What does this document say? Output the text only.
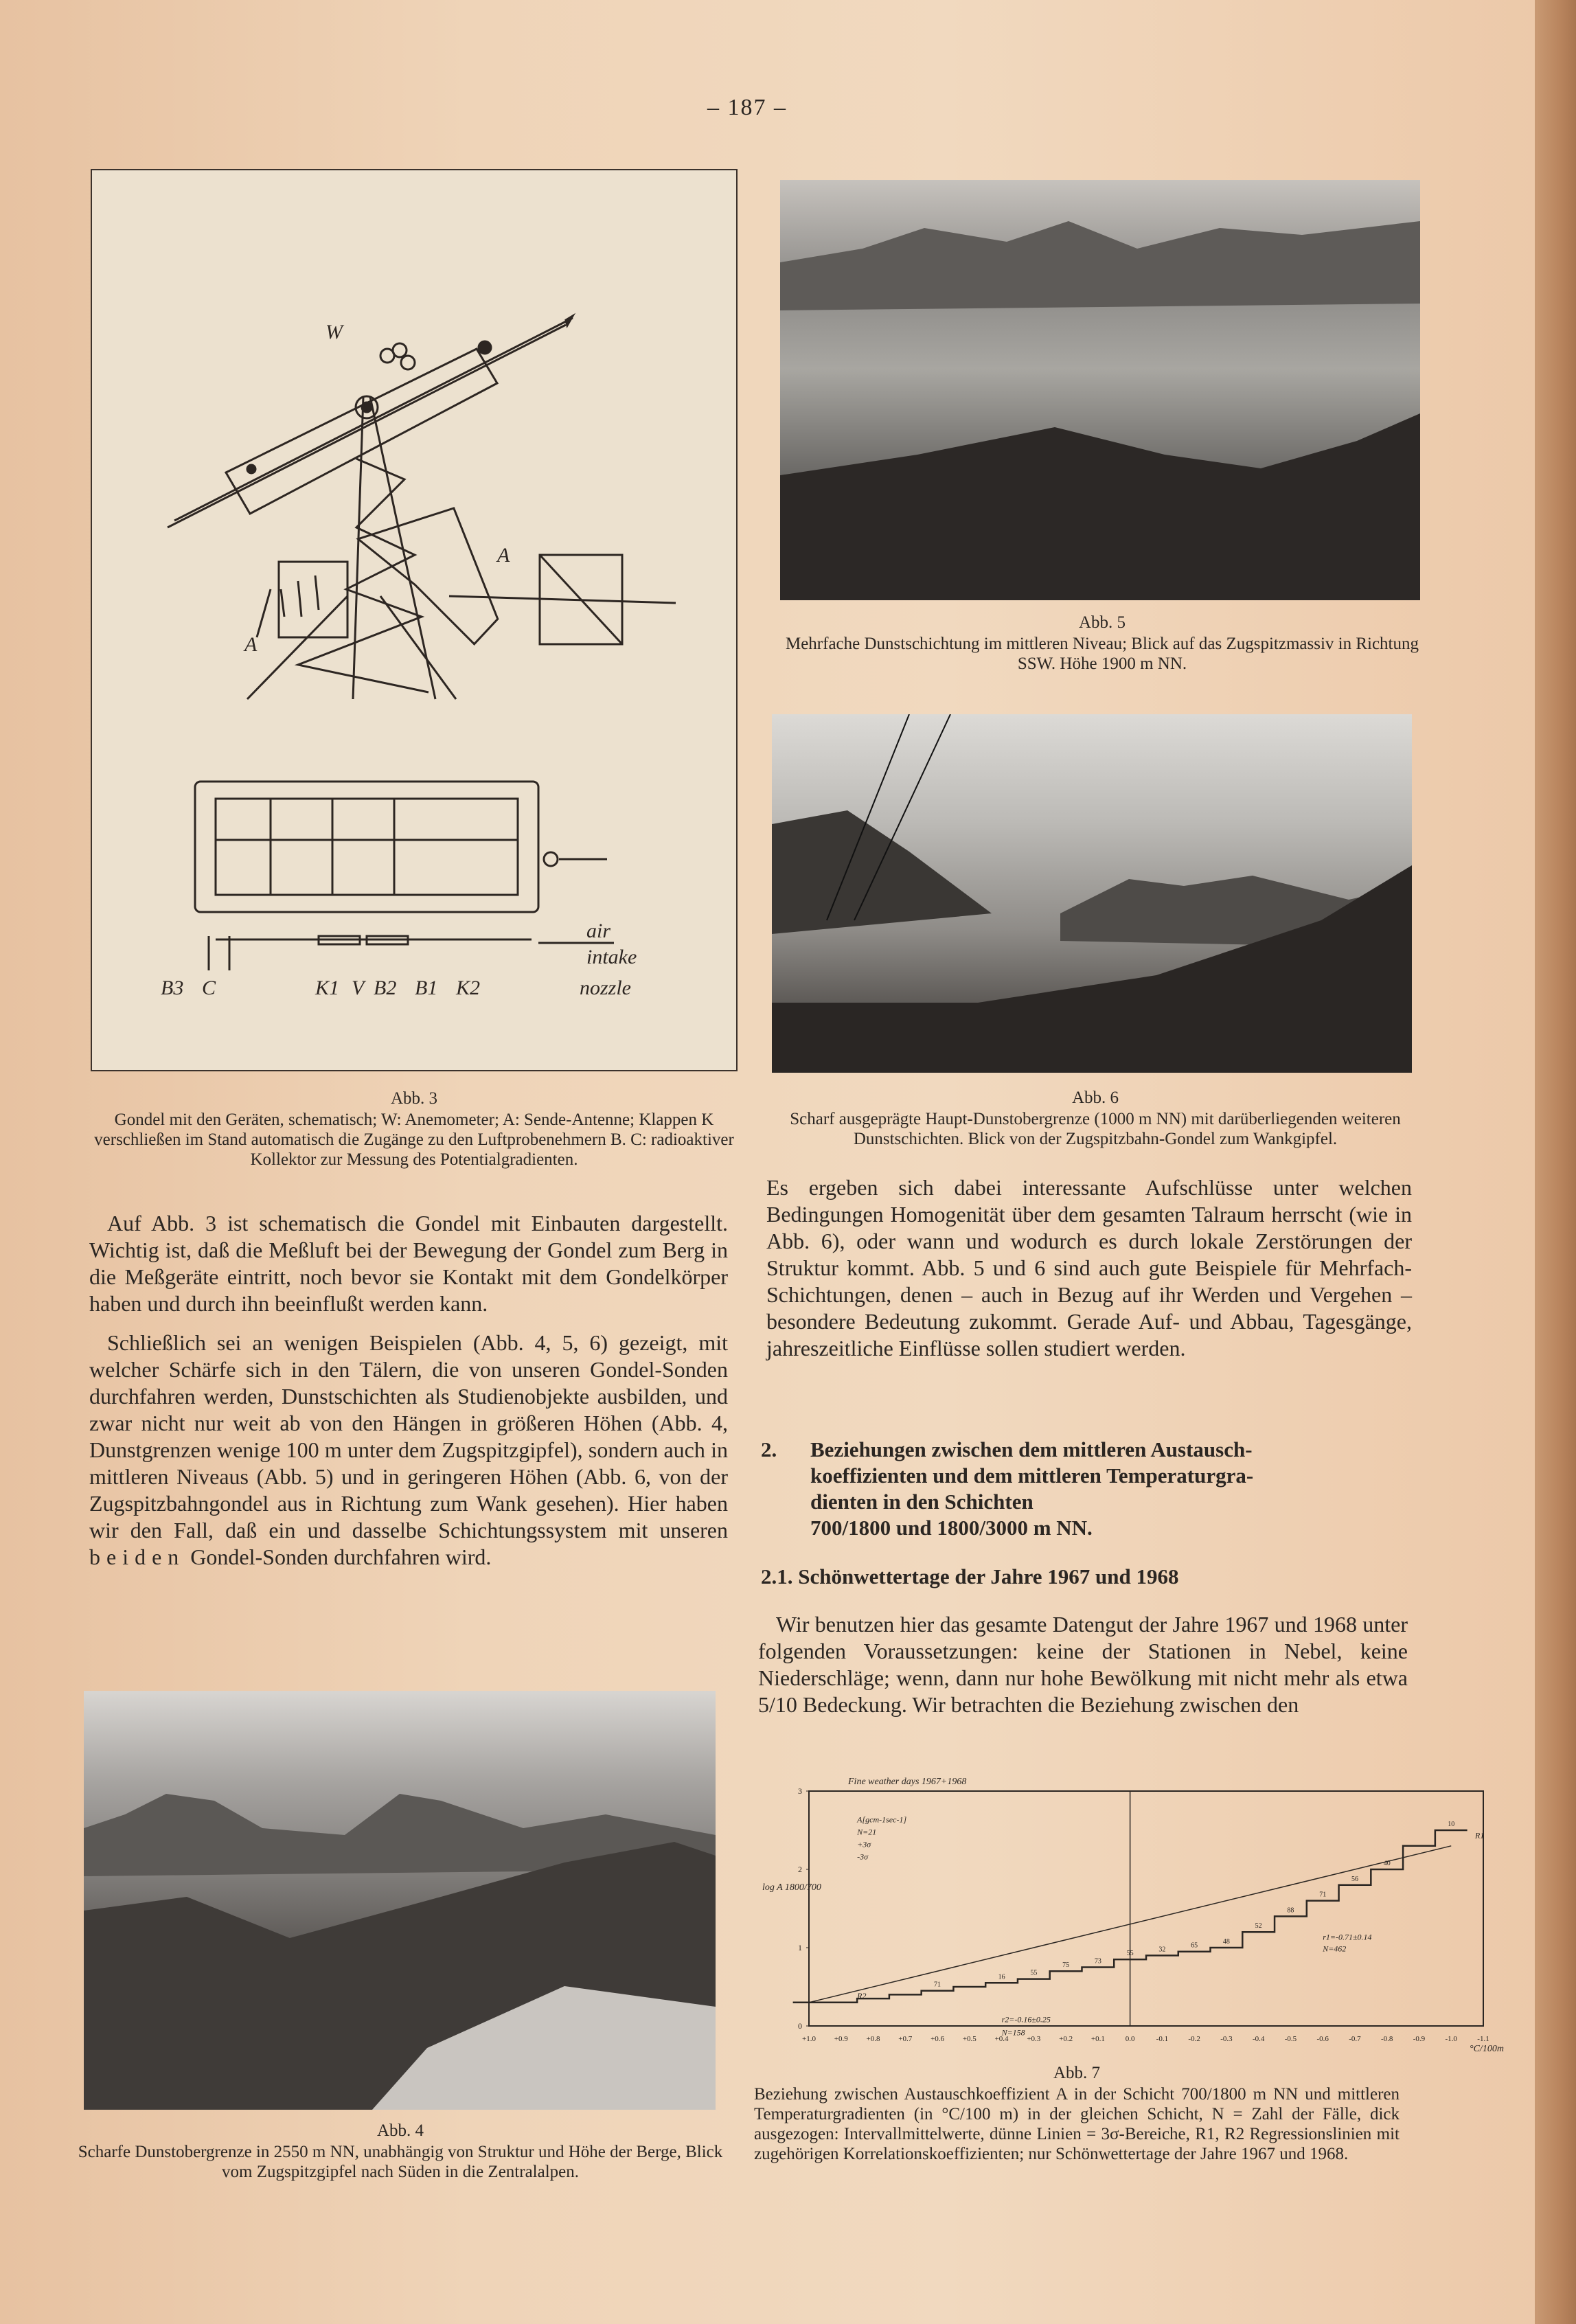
– 187 –
W
A
A
air
intake
nozzle
B3 C	K1 V B2 B1 K2
Abb. 3
Gondel mit den Geräten, schematisch; W: Anemometer; A: Sende-Antenne; Klappen K verschließen im Stand automatisch die Zugänge zu den Luftprobenehmern B. C: radioaktiver Kollektor zur Messung des Potentialgradienten.
Abb. 5
Mehrfache Dunstschichtung im mittleren Niveau; Blick auf das Zugspitzmassiv in Richtung SSW. Höhe 1900 m NN.
Abb. 6
Scharf ausgeprägte Haupt-Dunstobergrenze (1000 m NN) mit darüberliegenden weiteren Dunstschichten. Blick von der Zugspitzbahn-Gondel zum Wankgipfel.

Auf Abb. 3 ist schematisch die Gondel mit Einbauten dargestellt. Wichtig ist, daß die Meßluft bei der Bewegung der Gondel zum Berg in die Meßgeräte eintritt, noch bevor sie Kontakt mit dem Gondelkörper haben und durch ihn beeinflußt werden kann.

Schließlich sei an wenigen Beispielen (Abb. 4, 5, 6) gezeigt, mit welcher Schärfe sich in den Tälern, die von unseren Gondel-Sonden durchfahren werden, Dunstschichten als Studienobjekte ausbilden, und zwar nicht nur weit ab von den Hängen in größeren Höhen (Abb. 4, Dunstgrenzen wenige 100 m unter dem Zugspitzgipfel), sondern auch in mittleren Niveaus (Abb. 5) und in geringeren Höhen (Abb. 6, von der Zugspitzbahngondel aus in Richtung zum Wank gesehen). Hier haben wir den Fall, daß ein und dasselbe Schichtungssystem mit unseren beiden Gondel-Sonden durchfahren wird.

Abb. 4
Scharfe Dunstobergrenze in 2550 m NN, unabhängig von Struktur und Höhe der Berge, Blick vom Zugspitzgipfel nach Süden in die Zentralalpen.

Es ergeben sich dabei interessante Aufschlüsse unter welchen Bedingungen Homogenität über dem gesamten Talraum herrscht (wie in Abb. 6), oder wann und wodurch es durch lokale Zerstörungen der Struktur kommt. Abb. 5 und 6 sind auch gute Beispiele für Mehrfach-Schichtungen, denen – auch in Bezug auf ihr Werden und Vergehen – besondere Bedeutung zukommt. Gerade Auf- und Abbau, Tagesgänge, jahreszeitliche Einflüsse sollen studiert werden.

2. Beziehungen zwischen dem mittleren Austausch-
koeffizienten und dem mittleren Temperaturgra-
dienten in den Schichten
700/1800 und 1800/3000 m NN.
2.1. Schönwettertage der Jahre 1967 und 1968

Wir benutzen hier das gesamte Datengut der Jahre 1967 und 1968 unter folgenden Voraussetzungen: keine der Stationen in Nebel, keine Niederschläge; wenn, dann nur hohe Bewölkung mit nicht mehr als etwa 5/10 Bedeckung. Wir betrachten die Beziehung zwischen den

Fine weather days 1967+1968
log A 1800/700
°C/100m
+1.0 +0.9 +0.8 +0.7 +0.6 +0.5 +0.4 +0.3 +0.2 +0.1	0.0	-0.1	-0.2	-0.3	-0.4	-0.5	-0.6	-0.7	-0.8	-0.9	-1.0	-1.1
0
1
2
3
71
16
55
75
73
55
32
65
48
52
88
71
56
40
10
R1
R2
r1=-0.71±0.14
N=462
r2=-0.16±0.25
N=158
A[gcm-1sec-1]
N=21
+3σ
-3σ
Abb. 7
Beziehung zwischen Austauschkoeffizient A in der Schicht 700/1800 m NN und mittleren Temperaturgradienten (in °C/100 m) in der gleichen Schicht, N = Zahl der Fälle, dick ausgezogen: Intervallmittelwerte, dünne Linien = 3σ-Bereiche, R1, R2 Regressionslinien mit zugehörigen Korrelationskoeffizienten; nur Schönwettertage der Jahre 1967 und 1968.
